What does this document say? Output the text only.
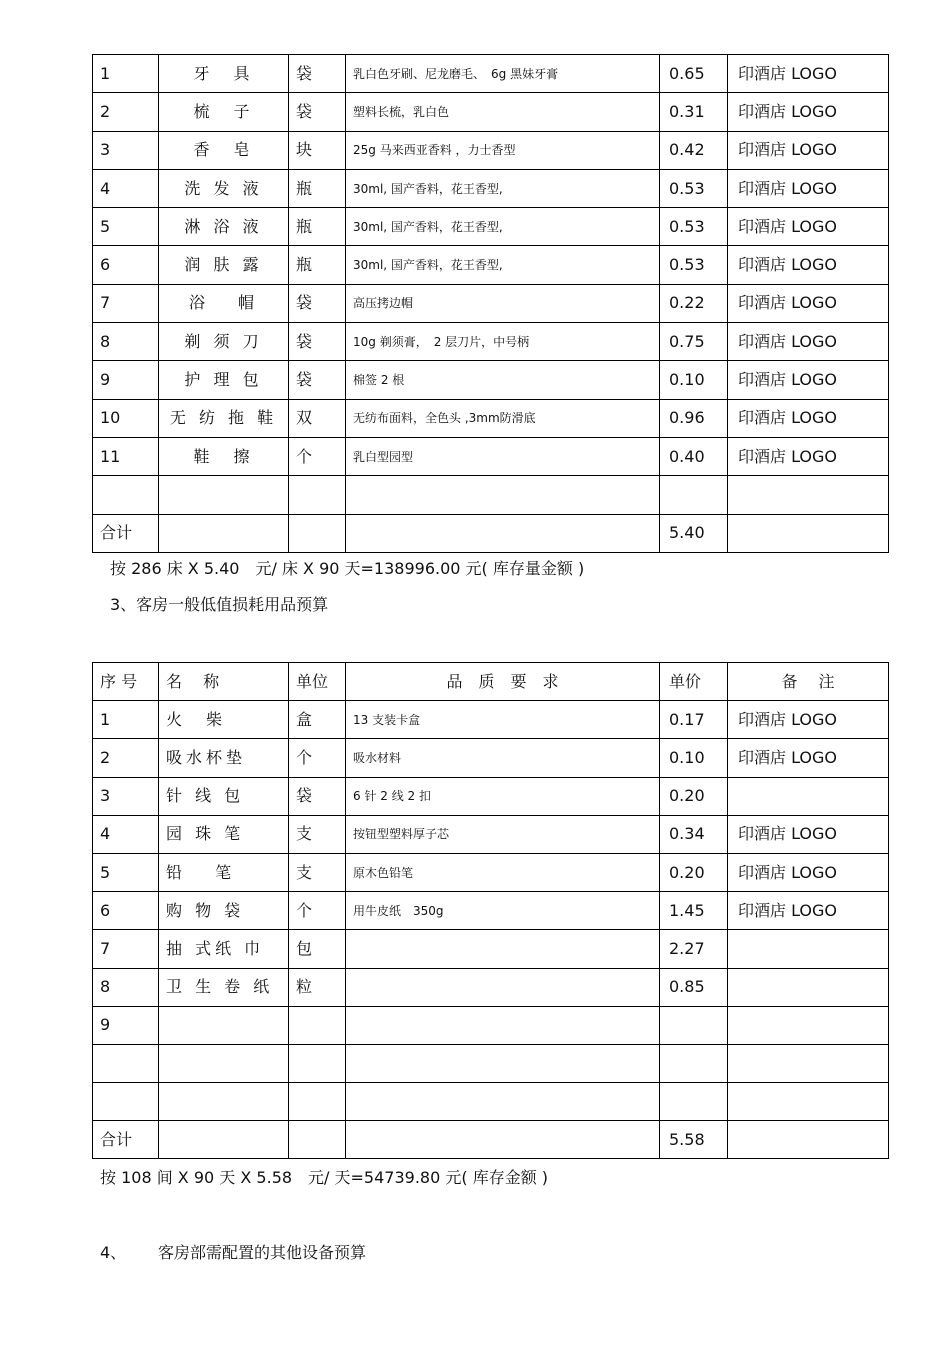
1	牙　具	袋	乳白色牙刷、尼龙磨毛、　6g 黑妹牙膏	0.65	印酒店 LOGO
2	梳　子	袋	塑料长梳，乳白色	0.31	印酒店 LOGO
3	香　皂	块	25g 马来西亚香料 ，力士香型	0.42	印酒店 LOGO
4	洗 发 液	瓶	30ml, 国产香料，花王香型,	0.53	印酒店 LOGO
5	淋 浴 液	瓶	30ml, 国产香料，花王香型,	0.53	印酒店 LOGO
6	润 肤 露	瓶	30ml, 国产香料，花王香型,	0.53	印酒店 LOGO
7	浴　 帽	袋	高压拷边帽	0.22	印酒店 LOGO
8	剃 须 刀	袋	10g 剃须膏，　2 层刀片，中号柄	0.75	印酒店 LOGO
9	护 理 包	袋	棉签 2 根	0.10	印酒店 LOGO
10	无 纺 拖 鞋	双	无纺布面料，全色头 ,3mm防滑底	0.96	印酒店 LOGO
11	鞋　擦	个	乳白型园型	0.40	印酒店 LOGO

合计				5.40	
按 286 床 X 5.40　元/ 床 X 90 天=138996.00 元( 库存量金额 )
3、客房一般低值损耗用品预算
序 号	名　 称	单位	品　质　要　求	单价	备　 注
1	火　柴	盒	13 支装卡盒	0.17	印酒店 LOGO
2	吸水杯垫	个	吸水材料	0.10	印酒店 LOGO
3	针 线 包	袋	6 针 2 线 2 扣	0.20	
4	园 珠 笔	支	按钮型塑料厚子芯	0.34	印酒店 LOGO
5	铅　 笔	支	原木色铅笔	0.20	印酒店 LOGO
6	购 物 袋	个	用牛皮纸　350g	1.45	印酒店 LOGO
7	抽 式纸 巾	包		2.27	
8	卫 生 卷 纸	粒		0.85	
9					

合计				5.58	
按 108 间 X 90 天 X 5.58　元/ 天=54739.80 元( 库存金额 )
4、 客房部需配置的其他设备预算
